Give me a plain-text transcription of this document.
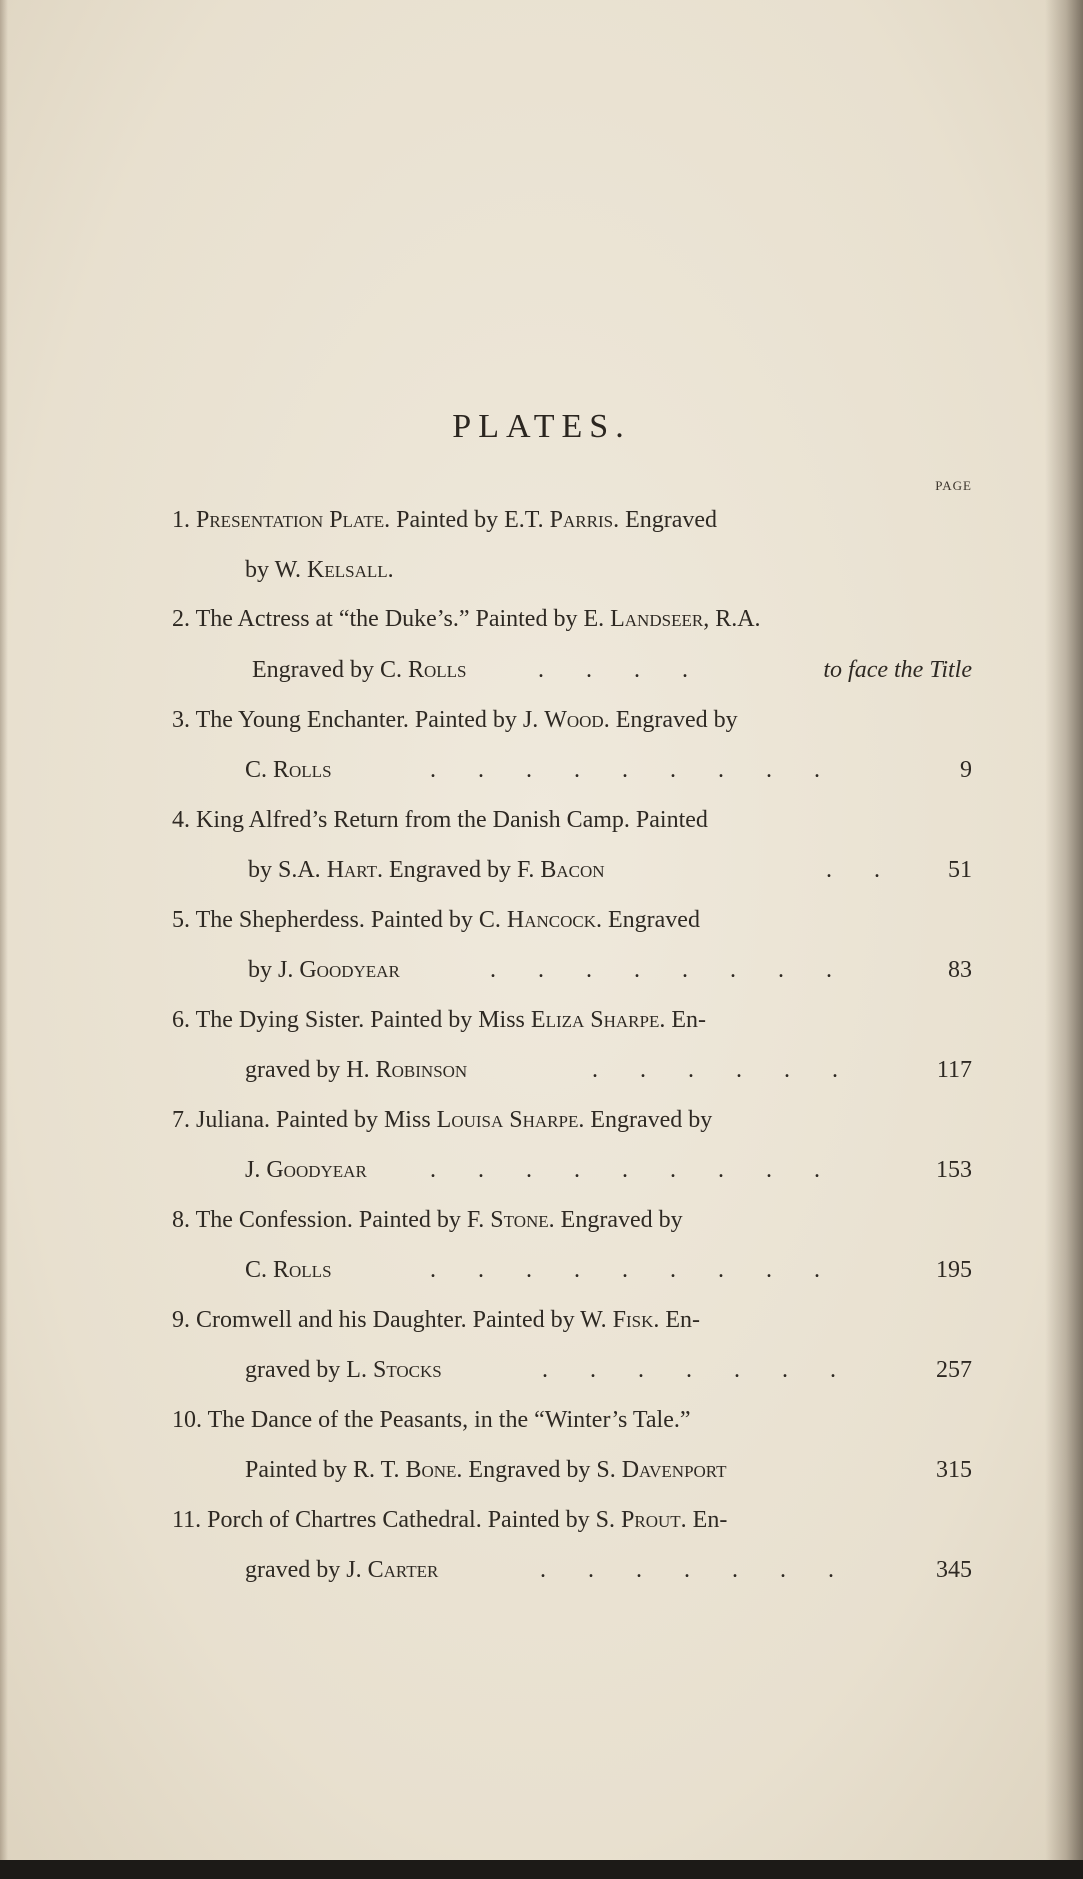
PLATES.
PAGE
1. Presentation Plate. Painted by E.T. Parris. Engraved
by W. Kelsall.
2. The Actress at “the Duke’s.” Painted by E. Landseer, R.A.
Engraved by C. Rolls	. . . .	to face the Title
3. The Young Enchanter. Painted by J. Wood. Engraved by
C. Rolls	. . . . . . . . .	9
4. King Alfred’s Return from the Danish Camp. Painted
by S.A. Hart. Engraved by F. Bacon	. .	51
5. The Shepherdess. Painted by C. Hancock. Engraved
by J. Goodyear	. . . . . . . .	83
6. The Dying Sister. Painted by Miss Eliza Sharpe. En-
graved by H. Robinson	. . . . . .	117
7. Juliana. Painted by Miss Louisa Sharpe. Engraved by
J. Goodyear	. . . . . . . . .	153
8. The Confession. Painted by F. Stone. Engraved by
C. Rolls	. . . . . . . . .	195
9. Cromwell and his Daughter. Painted by W. Fisk. En-
graved by L. Stocks	. . . . . . .	257
10. The Dance of the Peasants, in the “Winter’s Tale.”
Painted by R. T. Bone. Engraved by S. Davenport	315
11. Porch of Chartres Cathedral. Painted by S. Prout. En-
graved by J. Carter	. . . . . . .	345
